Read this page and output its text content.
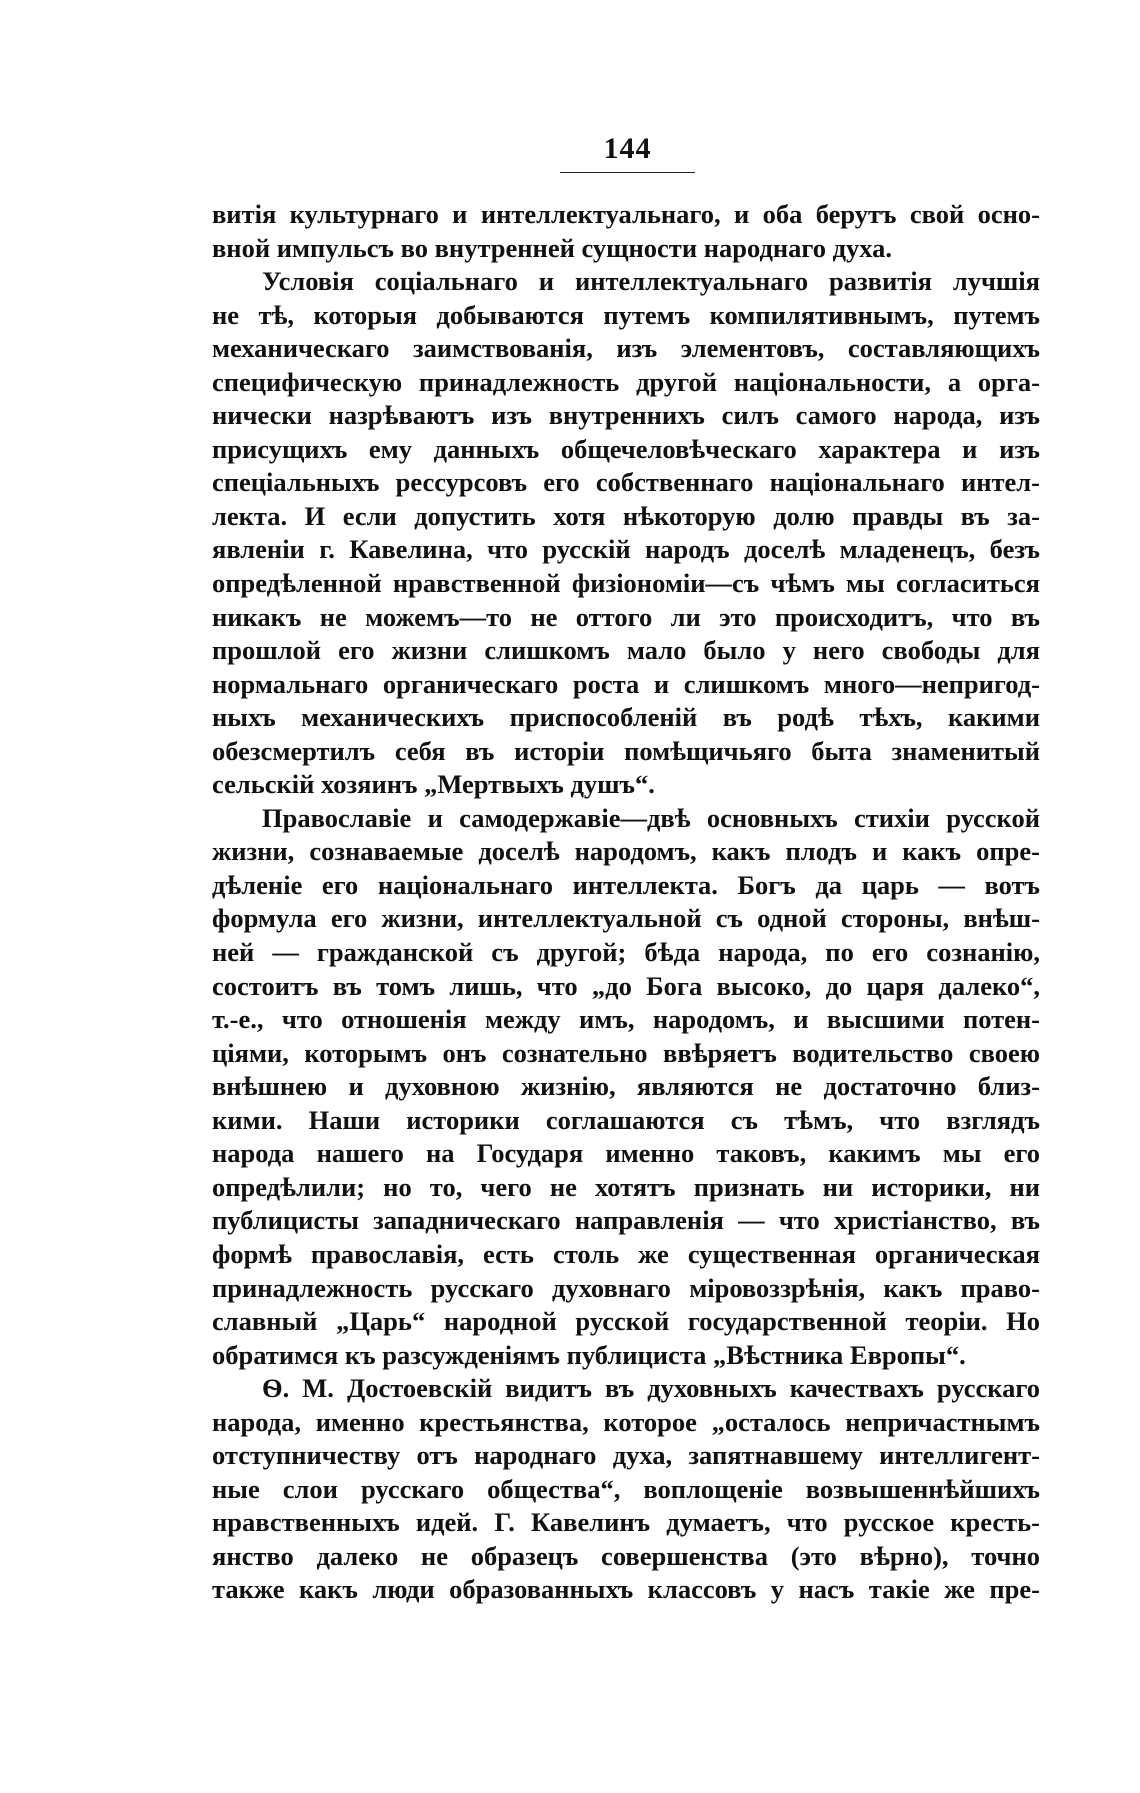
144
витія культурнаго и интеллектуальнаго, и оба берутъ свой осно-
вной импульсъ во внутренней сущности народнаго духа.
Условія соціальнаго и интеллектуальнаго развитія лучшія
не тѣ, которыя добываются путемъ компилятивнымъ, путемъ
механическаго заимствованія, изъ элементовъ, составляющихъ
специфическую принадлежность другой національности, а орга-
нически назрѣваютъ изъ внутреннихъ силъ самого народа, изъ
присущихъ ему данныхъ общечеловѣческаго характера и изъ
спеціальныхъ рессурсовъ его собственнаго національнаго интел-
лекта. И если допустить хотя нѣкоторую долю правды въ за-
явленіи г. Кавелина, что русскій народъ доселѣ младенецъ, безъ
опредѣленной нравственной физіономіи—съ чѣмъ мы согласиться
никакъ не можемъ—то не оттого ли это происходитъ, что въ
прошлой его жизни слишкомъ мало было у него свободы для
нормальнаго органическаго роста и слишкомъ много—непригод-
ныхъ механическихъ приспособленій въ родѣ тѣхъ, какими
обезсмертилъ себя въ исторіи помѣщичьяго быта знаменитый
сельскій хозяинъ „Мертвыхъ душъ“.
Православіе и самодержавіе—двѣ основныхъ стихіи русской
жизни, сознаваемые доселѣ народомъ, какъ плодъ и какъ опре-
дѣленіе его національнаго интеллекта. Богъ да царь — вотъ
формула его жизни, интеллектуальной съ одной стороны, внѣш-
ней — гражданской съ другой; бѣда народа, по его сознанію,
состоитъ въ томъ лишь, что „до Бога высоко, до царя далеко“,
т.-е., что отношенія между имъ, народомъ, и высшими потен-
ціями, которымъ онъ сознательно ввѣряетъ водительство своею
внѣшнею и духовною жизнію, являются не достаточно близ-
кими. Наши историки соглашаются съ тѣмъ, что взглядъ
народа нашего на Государя именно таковъ, какимъ мы его
опредѣлили; но то, чего не хотятъ признать ни историки, ни
публицисты западническаго направленія — что христіанство, въ
формѣ православія, есть столь же существенная органическая
принадлежность русскаго духовнаго міровоззрѣнія, какъ право-
славный „Царь“ народной русской государственной теоріи. Но
обратимся къ разсужденіямъ публициста „Вѣстника Европы“.
Ѳ. М. Достоевскій видитъ въ духовныхъ качествахъ русскаго
народа, именно крестьянства, которое „осталось непричастнымъ
отступничеству отъ народнаго духа, запятнавшему интеллигент-
ные слои русскаго общества“, воплощеніе возвышеннѣйшихъ
нравственныхъ идей. Г. Кавелинъ думаетъ, что русское кресть-
янство далеко не образецъ совершенства (это вѣрно), точно
также какъ люди образованныхъ классовъ у насъ такіе же пре-
